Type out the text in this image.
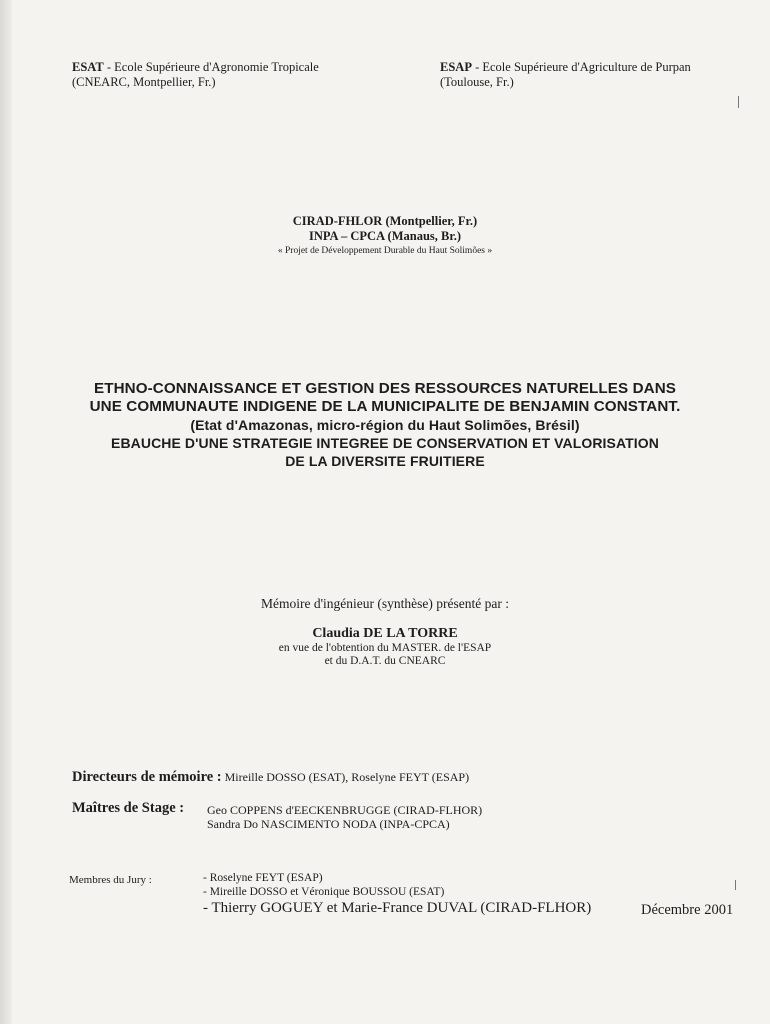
ESAT - Ecole Supérieure d'Agronomie Tropicale
(CNEARC, Montpellier, Fr.)
ESAP - Ecole Supérieure d'Agriculture de Purpan
(Toulouse, Fr.)
CIRAD-FHLOR (Montpellier, Fr.)
INPA – CPCA (Manaus, Br.)
« Projet de Développement Durable du Haut Solimões »
ETHNO-CONNAISSANCE ET GESTION DES RESSOURCES NATURELLES DANS
UNE COMMUNAUTE INDIGENE DE LA MUNICIPALITE DE BENJAMIN CONSTANT.
(Etat d'Amazonas, micro-région du Haut Solimões, Brésil)
EBAUCHE D'UNE STRATEGIE INTEGREE DE CONSERVATION ET VALORISATION
DE LA DIVERSITE FRUITIERE
Mémoire d'ingénieur (synthèse) présenté par :
Claudia DE LA TORRE
en vue de l'obtention du MASTER. de l'ESAP
et du D.A.T. du CNEARC
Directeurs de mémoire : Mireille DOSSO (ESAT), Roselyne FEYT (ESAP)
Maîtres de Stage : Geo COPPENS d'EECKENBRUGGE (CIRAD-FLHOR)
Sandra Do NASCIMENTO NODA (INPA-CPCA)
Membres du Jury :	- Roselyne FEYT (ESAP)
- Mireille DOSSO et Véronique BOUSSOU (ESAT)
- Thierry GOGUEY et Marie-France DUVAL (CIRAD-FLHOR)	Décembre 2001
